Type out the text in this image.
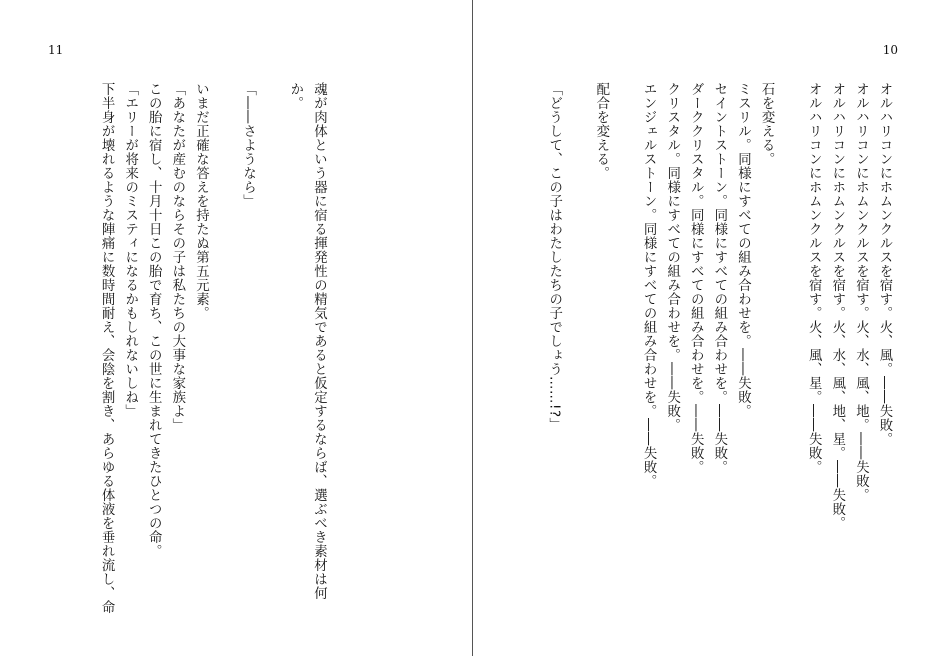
11

魂が肉体という器に宿る揮発性の精気であると仮定するならば、選ぶべき素材は何
か。

「――さようなら」

いまだ正確な答えを持たぬ第五元素。
「あなたが産むのならその子は私たちの大事な家族よ」
この胎に宿し、十月十日この胎で育ち、この世に生まれてきたひとつの命。
「エリーが将来のミスティになるかもしれないしね」
下半身が壊れるような陣痛に数時間耐え、会陰を割き、あらゆる体液を垂れ流し、命
10
オルハリコンにホムンクルスを宿す。火、風。――失敗。
オルハリコンにホムンクルスを宿す。火、水、風、地。――失敗。
オルハリコンにホムンクルスを宿す。火、水、風、地、星。――失敗。
オルハリコンにホムンクルスを宿す。火、風、星。――失敗。

石を変える。
ミスリル。同様にすべての組み合わせを。――失敗。
セイントストーン。同様にすべての組み合わせを。――失敗。
ダーククリスタル。同様にすべての組み合わせを。――失敗。
クリスタル。同様にすべての組み合わせを。――失敗。
エンジェルストーン。同様にすべての組み合わせを。――失敗。

配合を変える。

「どうして、この子はわたしたちの子でしょう……!?」
